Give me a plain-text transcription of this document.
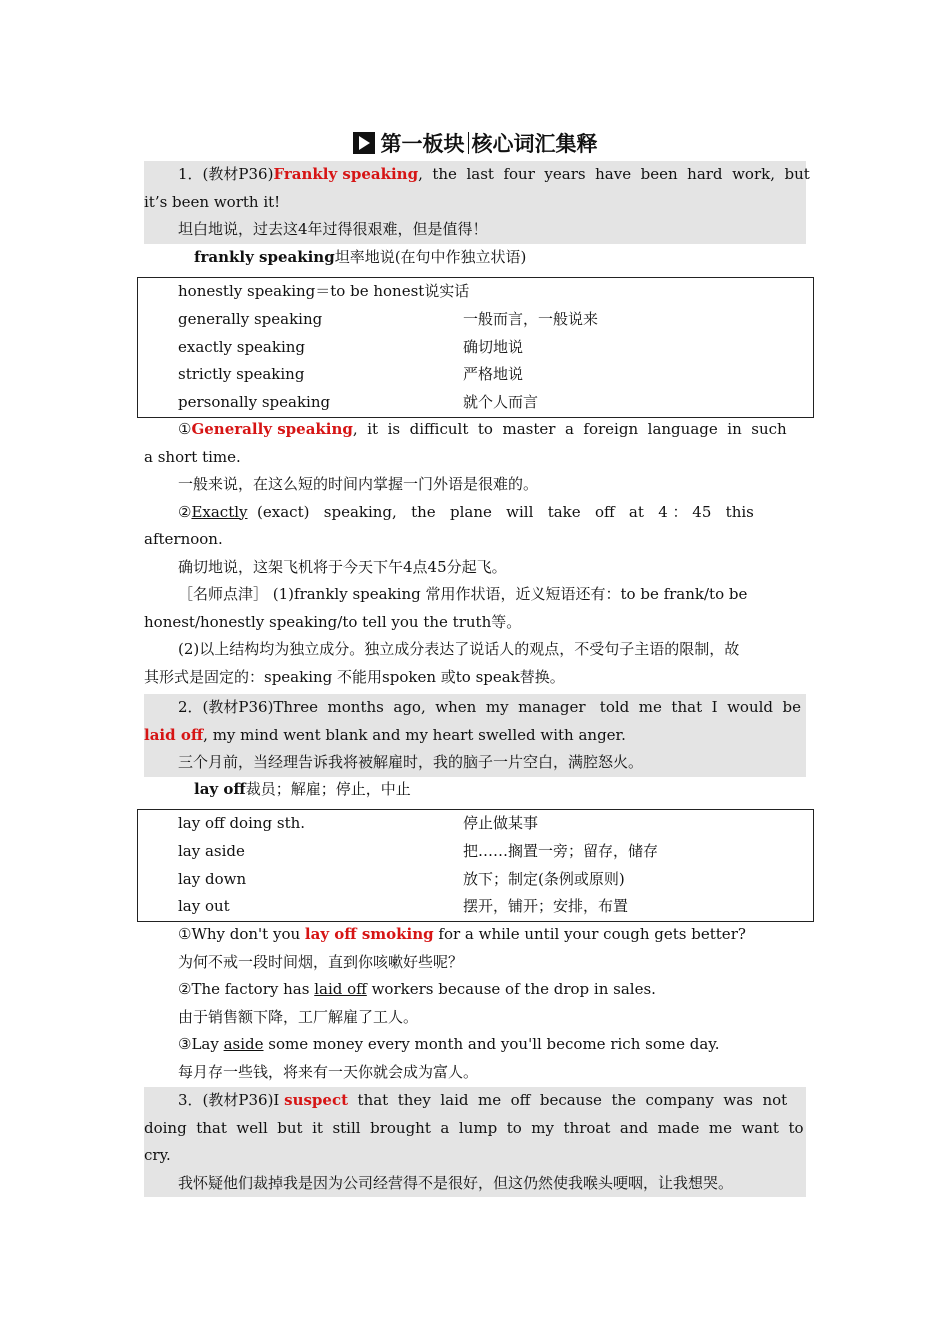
第一板块 核心词汇集释
1．(教材P36)Frankly speaking,  the  last  four  years  have  been  hard  work,  but
it’s been worth it!
坦白地说，过去这4年过得很艰难，但是值得！
frankly speaking坦率地说(在句中作独立状语)
honestly speaking＝to be honest说实话
generally speaking	一般而言，一般说来
exactly speaking	确切地说
strictly speaking	严格地说
personally speaking	就个人而言
①Generally speaking,  it  is  difficult  to  master  a  foreign  language  in  such
a short time.
一般来说，在这么短的时间内掌握一门外语是很难的。
②Exactly  (exact)   speaking,   the   plane   will   take   off   at   4 ： 45   this
afternoon.
确切地说，这架飞机将于今天下午4点45分起飞。
［名师点津］ (1)frankly speaking 常用作状语，近义短语还有：to be frank/to be
honest/honestly speaking/to tell you the truth等。
(2)以上结构均为独立成分。独立成分表达了说话人的观点，不受句子主语的限制，故
其形式是固定的：speaking 不能用spoken 或to speak替换。
2．(教材P36)Three  months  ago,  when  my  manager   told  me  that  I  would  be
laid off, my mind went blank and my heart swelled with anger.
三个月前，当经理告诉我将被解雇时，我的脑子一片空白，满腔怒火。
lay off裁员；解雇；停止，中止
lay off doing sth.	停止做某事
lay aside	把……搁置一旁；留存，储存
lay down	放下；制定(条例或原则)
lay out	摆开，铺开；安排，布置
①Why don't you lay off smoking for a while until your cough gets better?
为何不戒一段时间烟，直到你咳嗽好些呢？
②The factory has laid off workers because of the drop in sales.
由于销售额下降，工厂解雇了工人。
③Lay aside some money every month and you'll become rich some day.
每月存一些钱，将来有一天你就会成为富人。
3．(教材P36)I suspect  that  they  laid  me  off  because  the  company  was  not
doing  that  well  but  it  still  brought  a  lump  to  my  throat  and  made  me  want  to
cry.
我怀疑他们裁掉我是因为公司经营得不是很好，但这仍然使我喉头哽咽，让我想哭。
